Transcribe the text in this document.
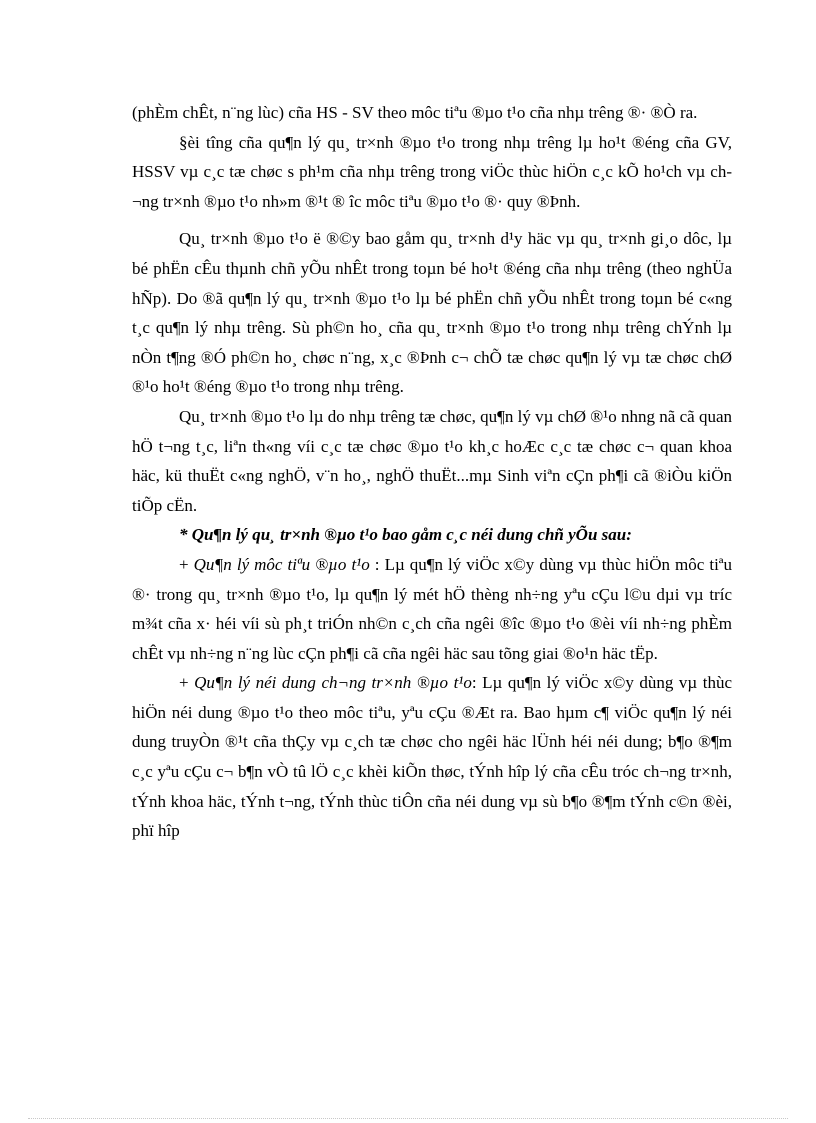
(phÈm chÊt, n¨ng lùc) cña HS - SV theo môc tiªu ®µo t¹o cña nhµ trêng ®· ®Ò ra.

§èi tîng cña qu¶n lý qu¸ tr×nh ®µo t¹o trong nhµ trêng lµ ho¹t ®éng cña GV, HSSV vµ c¸c tæ chøc s ph¹m cña nhµ trêng trong viÖc thùc hiÖn c¸c kÕ ho¹ch vµ ch¬ng tr×nh ®µo t¹o nh»m ®¹t ® îc môc tiªu ®µo t¹o ®· quy ®Þnh.

Qu¸ tr×nh ®µo t¹o ë ®©y bao gåm qu¸ tr×nh d¹y häc vµ qu¸ tr×nh gi¸o dôc, lµ bé phËn cÊu thµnh chñ yÕu nhÊt trong toµn bé ho¹t ®éng cña nhµ trêng (theo nghÜa hÑp). Do ®ã qu¶n lý qu¸ tr×nh ®µo t¹o lµ bé phËn chñ yÕu nhÊt trong toµn bé c«ng t¸c qu¶n lý nhµ trêng. Sù ph©n ho¸ cña qu¸ tr×nh ®µo t¹o trong nhµ trêng chÝnh lµ nÒn t¶ng ®Ó ph©n ho¸ chøc n¨ng, x¸c ®Þnh c¬ chÕ tæ chøc qu¶n lý vµ tæ chøc chØ ®¹o ho¹t ®éng ®µo t¹o trong nhµ trêng.

Qu¸ tr×nh ®µo t¹o lµ do nhµ trêng tæ chøc, qu¶n lý vµ chØ ®¹o nhng nã cã quan hÖ t¬ng t¸c, liªn th«ng víi c¸c tæ chøc ®µo t¹o kh¸c hoÆc c¸c tæ chøc c¬ quan khoa häc, kü thuËt c«ng nghÖ, v¨n ho¸, nghÖ thuËt...mµ Sinh viªn cÇn ph¶i cã ®iÒu kiÖn tiÕp cËn.

* Qu¶n lý qu¸ tr×nh ®µo t¹o bao gåm c¸c néi dung chñ yÕu sau:

+ Qu¶n lý môc tiªu ®µo t¹o : Lµ qu¶n lý viÖc x©y dùng vµ thùc hiÖn môc tiªu ®· trong qu¸ tr×nh ®µo t¹o, lµ qu¶n lý mét hÖ thèng nh÷ng yªu cÇu l©u dµi vµ tríc m¾t cña x· héi víi sù ph¸t triÓn nh©n c¸ch cña ngêi ®îc ®µo t¹o ®èi víi nh÷ng phÈm chÊt vµ nh÷ng n¨ng lùc cÇn ph¶i cã cña ngêi häc sau tõng giai ®o¹n häc tËp.

+ Qu¶n lý néi dung ch¬ng tr×nh ®µo t¹o: Lµ qu¶n lý viÖc x©y dùng vµ thùc hiÖn néi dung ®µo t¹o theo môc tiªu, yªu cÇu ®Æt ra. Bao hµm c¶ viÖc qu¶n lý néi dung truyÒn ®¹t cña thÇy vµ c¸ch tæ chøc cho ngêi häc lÜnh héi néi dung; b¶o ®¶m c¸c yªu cÇu c¬ b¶n vÒ tû lÖ c¸c khèi kiÕn thøc, tÝnh hîp lý cña cÊu tróc ch¬ng tr×nh, tÝnh khoa häc, tÝnh t¬ng, tÝnh thùc tiÔn cña néi dung vµ sù b¶o ®¶m tÝnh c©n ®èi, phï hîp
